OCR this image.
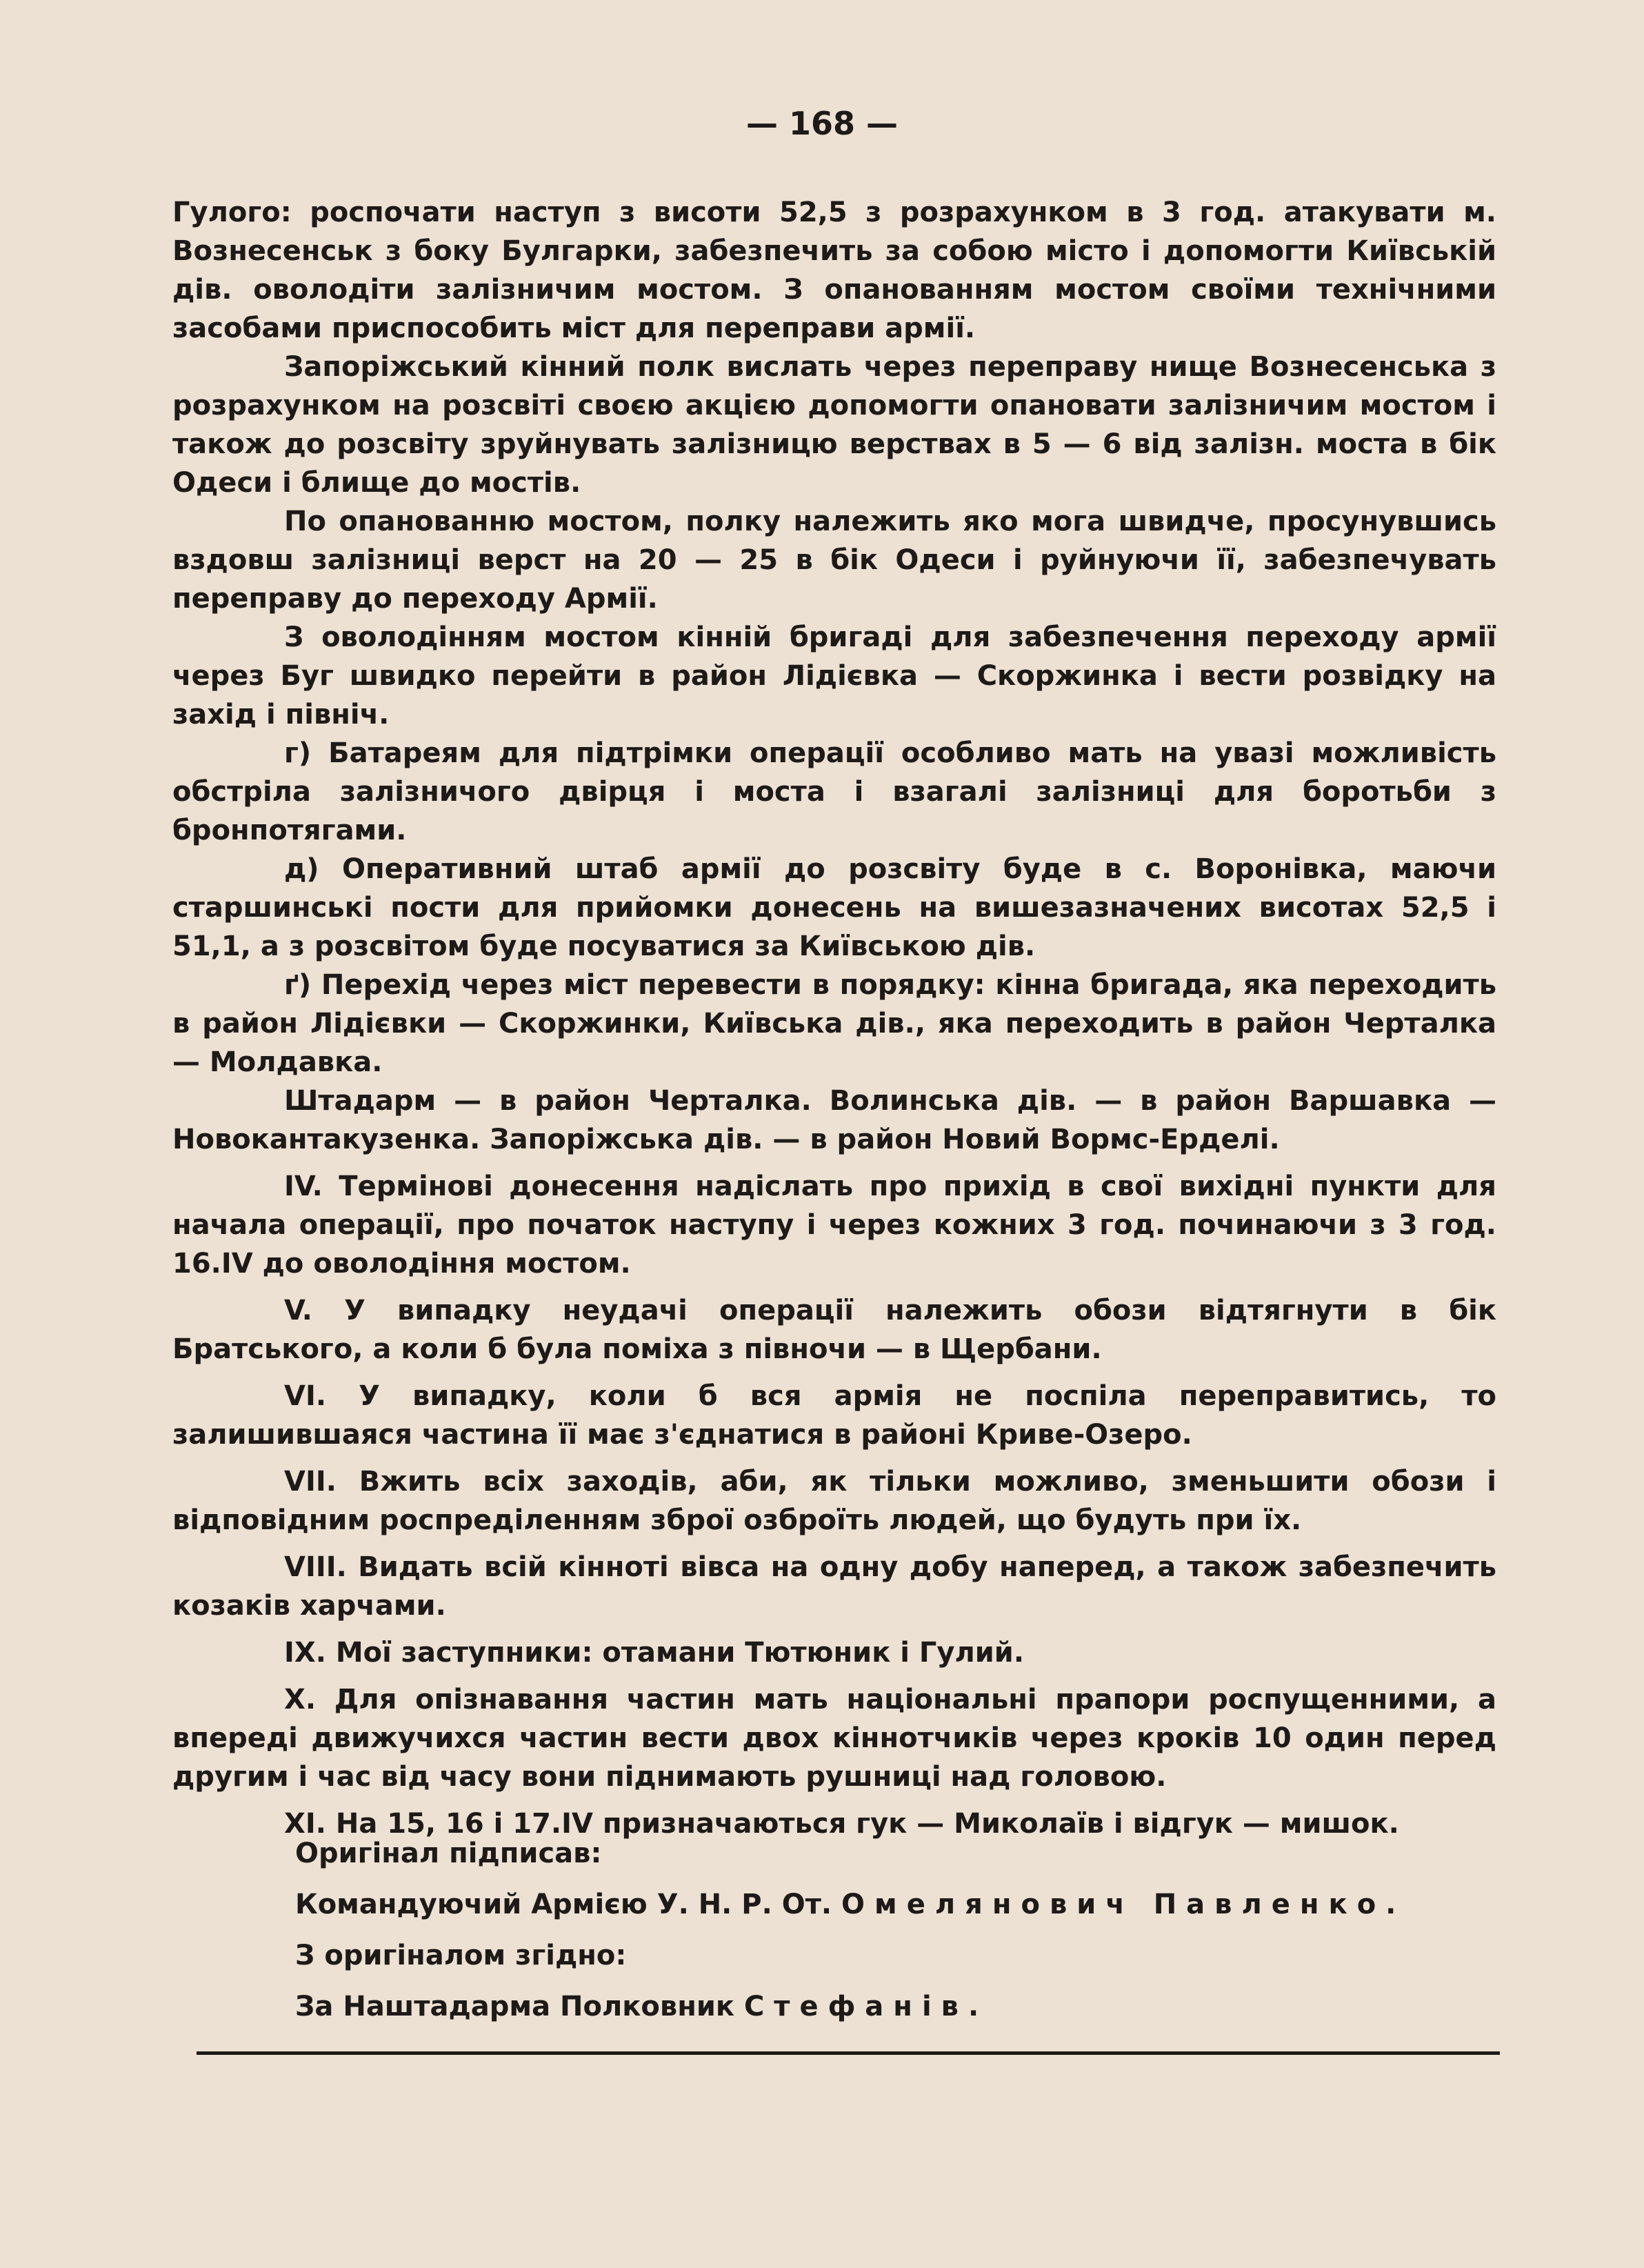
— 168 —

Гулого: роспочати наступ з висоти 52,5 з розрахунком в 3 год. атакувати м. Вознесенськ з боку Булгарки, забезпечить за собою місто і допомогти Київській дів. оволодіти залізничим мостом. З опанованням мостом своїми технічними засобами приспособить міст для переправи армії.

Запоріжський кінний полк вислать через переправу нище Вознесенська з розрахунком на розсвіті своєю акцією допомогти опановати залізничим мостом і також до розсвіту зруйнувать залізницю верствах в 5 — 6 від залізн. моста в бік Одеси і блище до мостів.

По опанованню мостом, полку належить яко мога швидче, просунувшись вздовш залізниці верст на 20 — 25 в бік Одеси і руйнуючи її, забезпечувать переправу до переходу Армії.

З оволодінням мостом кінній бригаді для забезпечення переходу армії через Буг швидко перейти в район Лідієвка — Скоржинка і вести розвідку на захід і північ.

г) Батареям для підтрімки операції особливо мать на увазі можливість обстріла залізничого двірця і моста і взагалі залізниці для боротьби з бронпотягами.

д) Оперативний штаб армії до розсвіту буде в с. Воронівка, маючи старшинські пости для прийомки донесень на вишезазначених висотах 52,5 і 51,1, а з розсвітом буде посуватися за Київською дів.

ґ) Перехід через міст перевести в порядку: кінна бригада, яка переходить в район Лідієвки — Скоржинки, Київська дів., яка переходить в район Черталка — Молдавка.

Штадарм — в район Черталка. Волинська дів. — в район Варшавка — Новокантакузенка. Запоріжська дів. — в район Новий Вормс-Ерделі.

IV. Термінові донесення надіслать про прихід в свої вихідні пункти для начала операції, про початок наступу і через кожних 3 год. починаючи з 3 год. 16.IV до оволодіння мостом.

V. У випадку неудачі операції належить обози відтягнути в бік Братського, а коли б була поміха з півночи — в Щербани.

VI. У випадку, коли б вся армія не поспіла переправитись, то залишившаяся частина її має з'єднатися в районі Криве-Озеро.

VII. Вжить всіх заходів, аби, як тільки можливо, зменьшити обози і відповідним роспреділенням зброї озброїть людей, що будуть при їх.

VIII. Видать всій кінноті вівса на одну добу наперед, а також забезпечить козаків харчами.

IX. Мої заступники: отамани Тютюник і Гулий.

X. Для опізнавання частин мать національні прапори роспущенними, а впереді движучихся частин вести двох кіннотчиків через кроків 10 один перед другим і час від часу вони піднимають рушниці над головою.

XI. На 15, 16 і 17.IV призначаються гук — Миколаїв і відгук — мишок.

Оригінал підписав:
Командуючий Армією У. Н. Р. От. Омелянович Павленко.
З оригіналом згідно:
За Наштадарма Полковник Стефанів.
